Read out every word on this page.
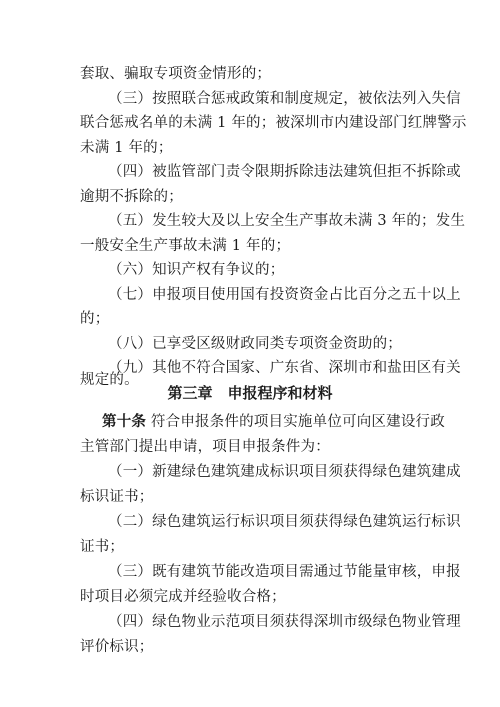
套取、骗取专项资金情形的；
（三）按照联合惩戒政策和制度规定，被依法列入失信
联合惩戒名单的未满 1 年的；被深圳市内建设部门红牌警示
未满 1 年的；
（四）被监管部门责令限期拆除违法建筑但拒不拆除或
逾期不拆除的；
（五）发生较大及以上安全生产事故未满 3 年的；发生
一般安全生产事故未满 1 年的；
（六）知识产权有争议的；
（七）申报项目使用国有投资资金占比百分之五十以上
的；
（八）已享受区级财政同类专项资金资助的；
（九）其他不符合国家、广东省、深圳市和盐田区有关
规定的。
第三章　申报程序和材料
第十条 符合申报条件的项目实施单位可向区建设行政
主管部门提出申请，项目申报条件为：
（一）新建绿色建筑建成标识项目须获得绿色建筑建成
标识证书；
（二）绿色建筑运行标识项目须获得绿色建筑运行标识
证书；
（三）既有建筑节能改造项目需通过节能量审核，申报
时项目必须完成并经验收合格；
（四）绿色物业示范项目须获得深圳市级绿色物业管理
评价标识；
